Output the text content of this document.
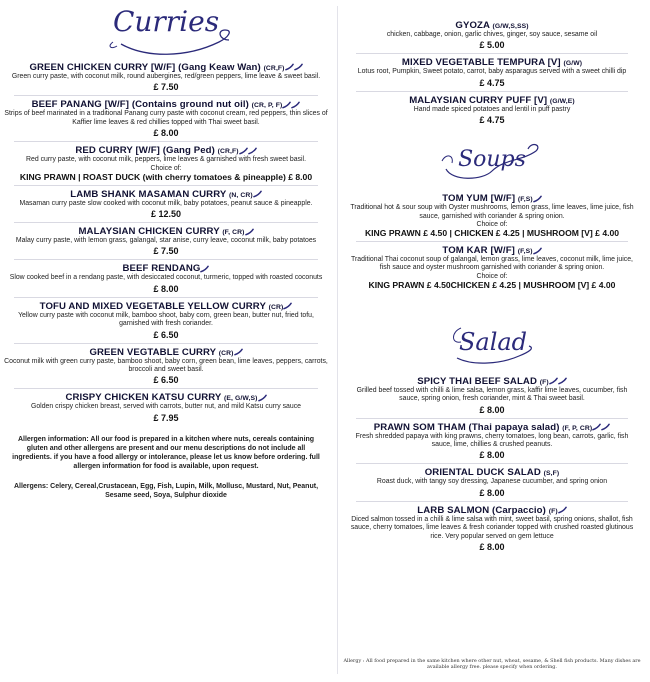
Curries
GREEN CHICKEN CURRY [W/F] (Gang Keaw Wan) (CR,F)
Green curry paste, with coconut milk, round aubergines, red/green peppers, lime leave & sweet basil.
£ 7.50
BEEF PANANG [W/F] (Contains ground nut oil) (CR, P, F)
Strips of beef marinated in a traditional Panang curry paste with coconut cream, red peppers, thin slices of Kaffier lime leaves & red chillies topped with Thai sweet basil.
£ 8.00
RED CURRY [W/F] (Gang Ped) (CR,F)
Red curry paste, with coconut milk, peppers, lime leaves & garnished with fresh sweet basil.
Choice of:
KING PRAWN | ROAST DUCK (with cherry tomatoes & pineapple) £ 8.00
LAMB SHANK MASAMAN CURRY (N, CR)
Masaman curry paste slow cooked with coconut milk, baby potatoes, peanut sauce & pineapple.
£ 12.50
MALAYSIAN CHICKEN CURRY (F, CR)
Malay curry paste, with lemon grass, galangal, star anise, curry leave, coconut milk, baby potatoes
£ 7.50
BEEF RENDANG
Slow cooked beef in a rendang paste, with desiccated coconut, turmeric, topped with roasted coconuts
£ 8.00
TOFU AND MIXED VEGETABLE YELLOW CURRY (CR)
Yellow curry paste with coconut milk, bamboo shoot, baby corn, green bean, butter nut, fried tofu, garnished with fresh coriander.
£ 6.50
GREEN VEGTABLE CURRY (CR)
Coconut milk with green curry paste, bamboo shoot, baby corn, green bean, lime leaves, peppers, carrots, broccoli and sweet basil.
£ 6.50
CRISPY CHICKEN KATSU CURRY (E, G/W,S)
Golden crispy chicken breast, served with carrots, butter nut, and mild Katsu curry sauce
£ 7.95
Allergen information: All our food is prepared in a kitchen where nuts, cereals containing gluten and other allergens are present and our menu descriptions do not include all ingredients. if you have a food allergy or intolerance, please let us know before ordering. full allergen information for food is available, upon request.
Allergens: Celery, Cereal,Crustacean, Egg, Fish, Lupin, Milk, Mollusc, Mustard, Nut, Peanut, Sesame seed, Soya, Sulphur dioxide
GYOZA (G/W,S,SS)
chicken, cabbage, onion, garlic chives, ginger, soy sauce, sesame oil
£ 5.00
MIXED VEGETABLE TEMPURA [V] (G/W)
Lotus root, Pumpkin, Sweet potato, carrot, baby asparagus served with a sweet chilli dip
£ 4.75
MALAYSIAN CURRY PUFF [V] (G/W,E)
Hand made spiced potatoes and lentil in puff pastry
£ 4.75
Soups
TOM YUM [W/F] (F,S)
Traditional hot & sour soup with Oyster mushrooms, lemon grass, lime leaves, lime juice, fish sauce, garnished with coriander & spring onion.
Choice of:
KING PRAWN £ 4.50 | CHICKEN £ 4.25 | MUSHROOM [V] £ 4.00
TOM KAR [W/F] (F,S)
Traditional Thai coconut soup of galangal, lemon grass, lime leaves, coconut milk, lime juice, fish sauce and oyster mushroom garnished with coriander & spring onion.
Choice of:
KING PRAWN £ 4.50CHICKEN £ 4.25 | MUSHROOM [V] £ 4.00
Salad
SPICY THAI BEEF SALAD (F)
Grilled beef tossed with chilli & lime salsa, lemon grass, kaffir lime leaves, cucumber, fish sauce, spring onion, fresh coriander, mint & Thai sweet basil.
£ 8.00
PRAWN SOM THAM (Thai papaya salad) (F, P, CR)
Fresh shredded papaya with king prawns, cherry tomatoes, long bean, carrots, garlic, fish sauce, lime, chillies & crushed peanuts.
£ 8.00
ORIENTAL DUCK SALAD (S,F)
Roast duck, with tangy soy dressing, Japanese cucumber, and spring onion
£ 8.00
LARB SALMON (Carpaccio) (F)
Diced salmon tossed in a chilli & lime salsa with mint, sweet basil, spring onions, shallot, fish sauce, cherry tomatoes, lime leaves & fresh coriander topped with crushed roasted glutinous rice. Very popular served on gem lettuce
£ 8.00
Allergy : All food prepared in the same kitchen where other nut, wheat, sesame, & Shell fish products. Many dishes are available allergy free. please specify when ordering.
